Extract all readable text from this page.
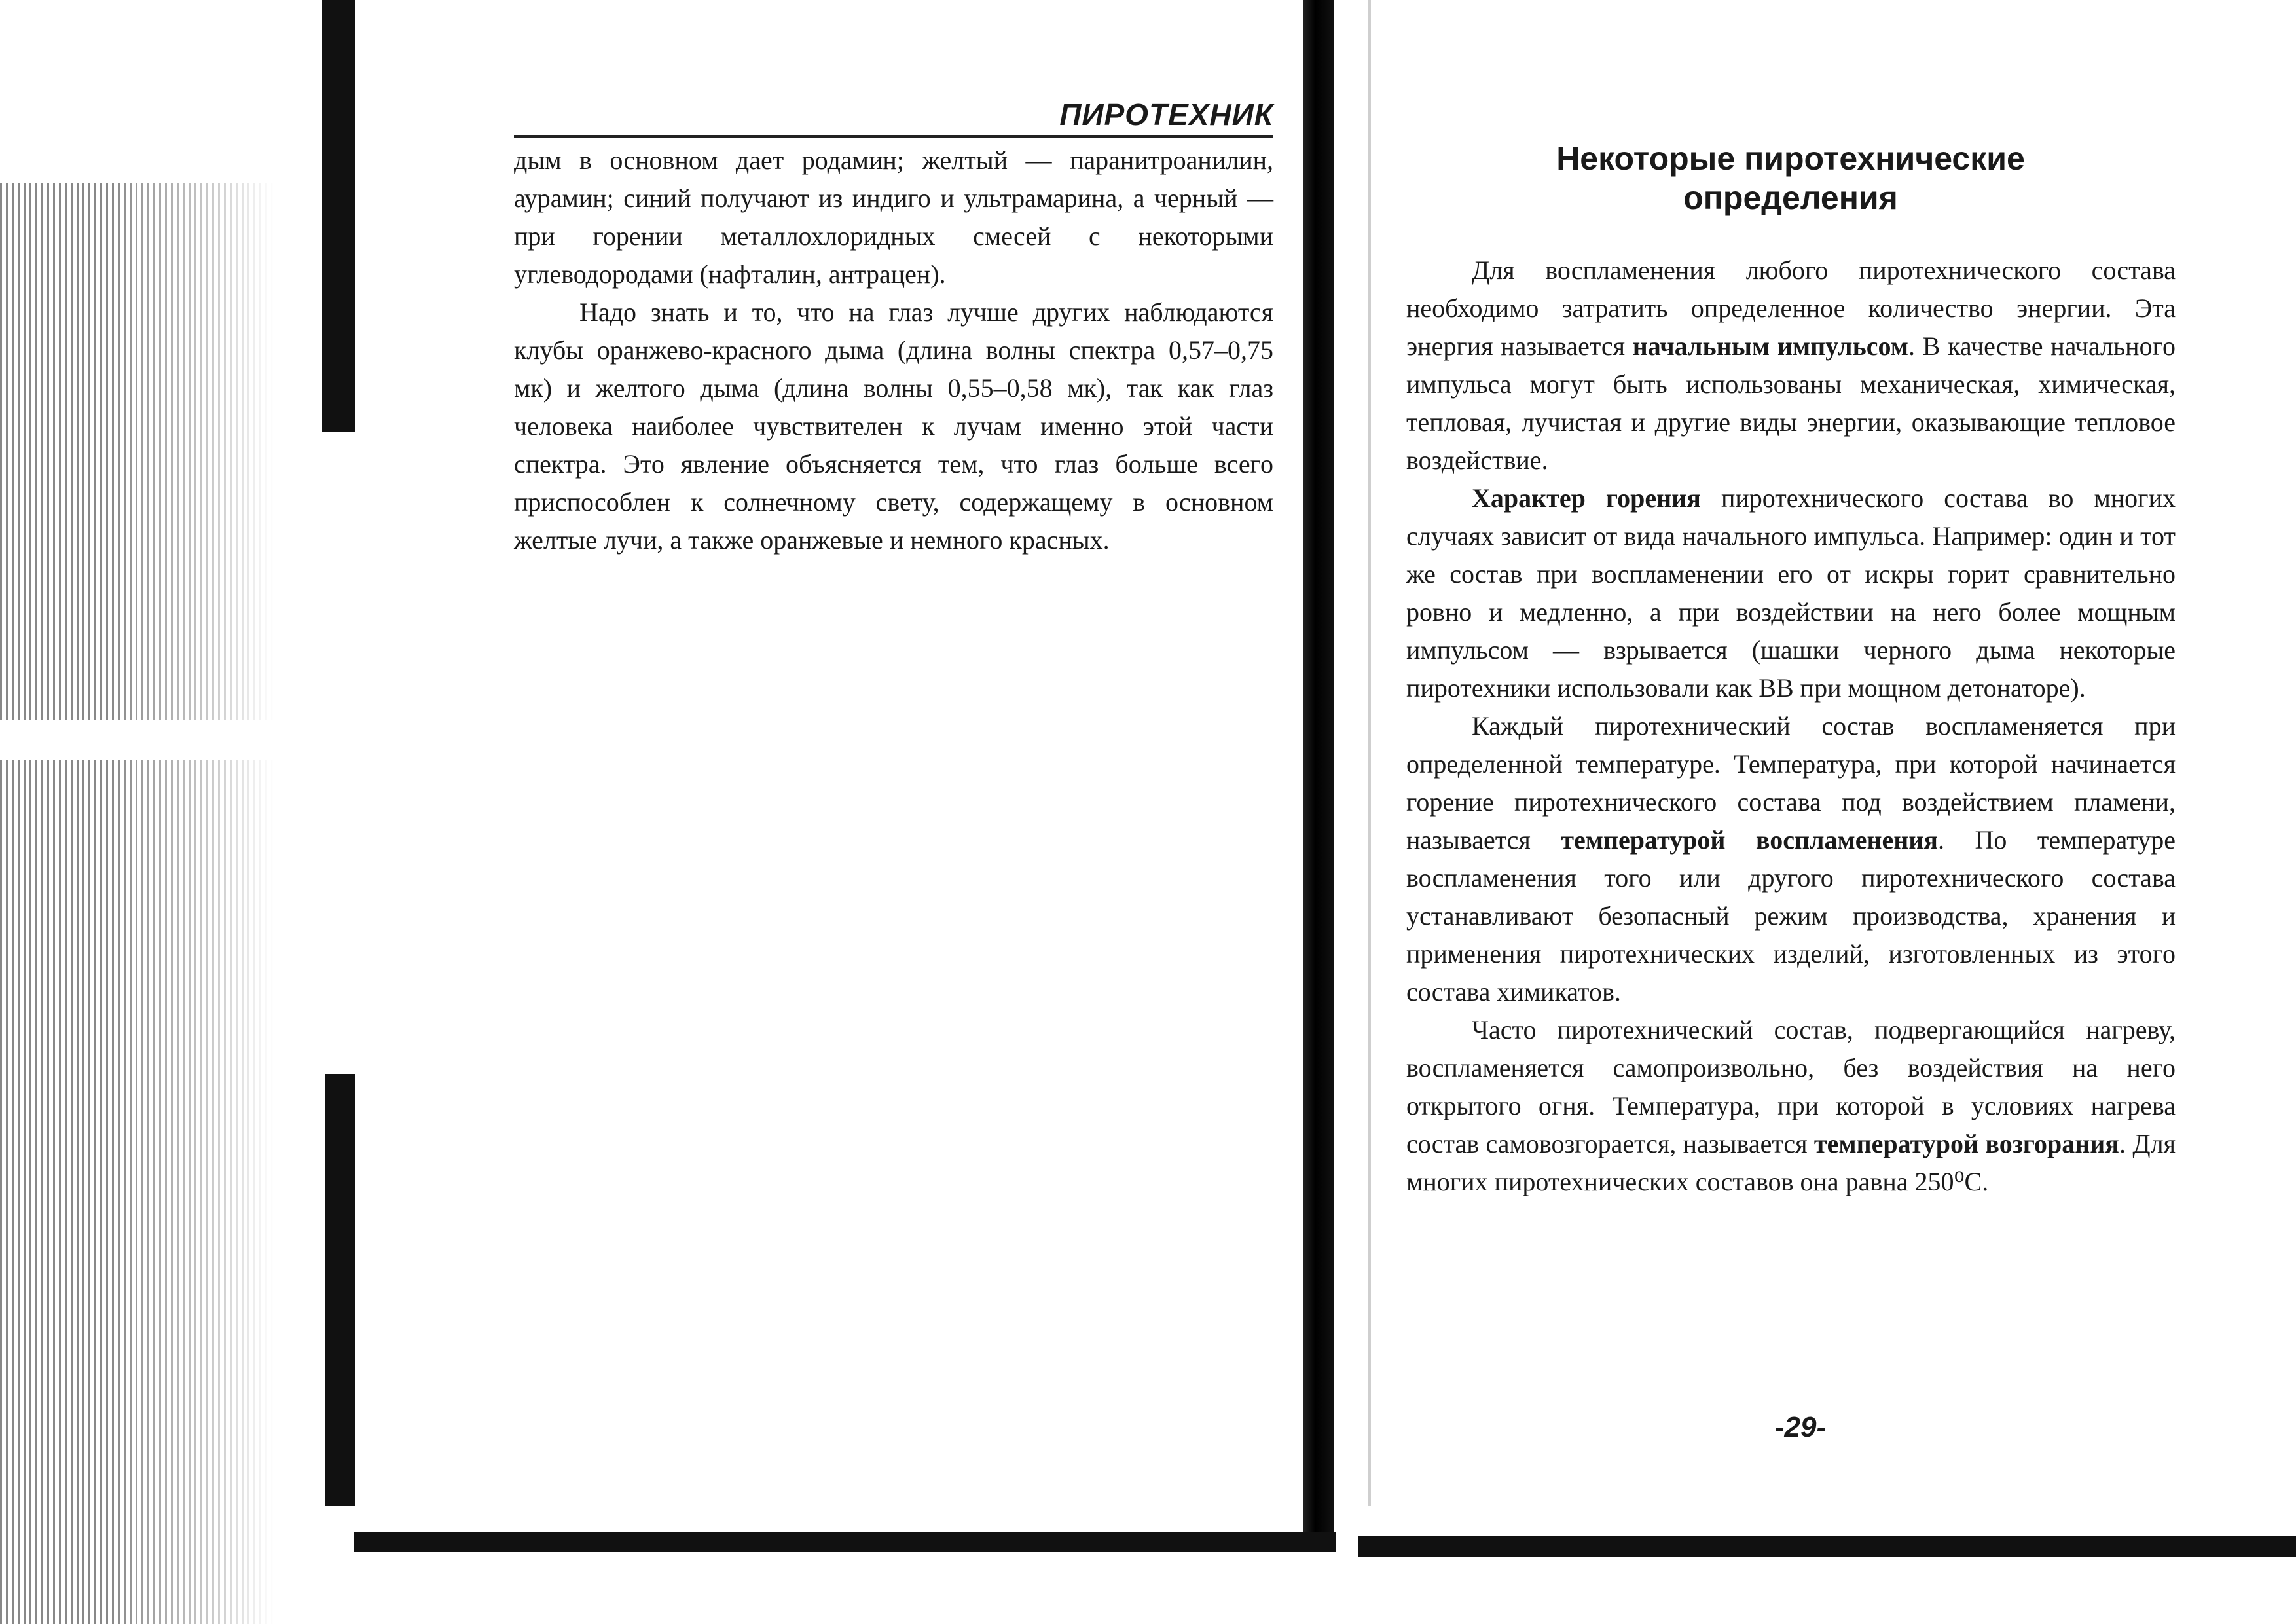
ПИРОТЕХНИК

дым в основном дает родамин; желтый — паранитроанилин, аурамин; синий получают из индиго и ультрамарина, а черный — при горении металлохлоридных смесей с некоторыми углеводородами (нафталин, антрацен).

Надо знать и то, что на глаз лучше других наблюдаются клубы оранжево-красного дыма (длина волны спектра 0,57–0,75 мк) и желтого дыма (длина волны 0,55–0,58 мк), так как глаз человека наиболее чувствителен к лучам именно этой части спектра. Это явление объясняется тем, что глаз больше всего приспособлен к солнечному свету, содержащему в основном желтые лучи, а также оранжевые и немного красных.

Некоторые пиротехнические
определения

Для воспламенения любого пиротехнического состава необходимо затратить определенное количество энергии. Эта энергия называется начальным импульсом. В качестве начального импульса могут быть использованы механическая, химическая, тепловая, лучистая и другие виды энергии, оказывающие тепловое воздействие.

Характер горения пиротехнического состава во многих случаях зависит от вида начального импульса. Например: один и тот же состав при воспламенении его от искры горит сравнительно ровно и медленно, а при воздействии на него более мощным импульсом — взрывается (шашки черного дыма некоторые пиротехники использовали как ВВ при мощном детонаторе).

Каждый пиротехнический состав воспламеняется при определенной температуре. Температура, при которой начинается горение пиротехнического состава под воздействием пламени, называется температурой воспламенения. По температуре воспламенения того или другого пиротехнического состава устанавливают безопасный режим производства, хранения и применения пиротехнических изделий, изготовленных из этого состава химикатов.

Часто пиротехнический состав, подвергающийся нагреву, воспламеняется самопроизвольно, без воздействия на него открытого огня. Температура, при которой в условиях нагрева состав самовозгорается, называется температурой возгорания. Для многих пиротехнических составов она равна 250⁰С.

-29-
